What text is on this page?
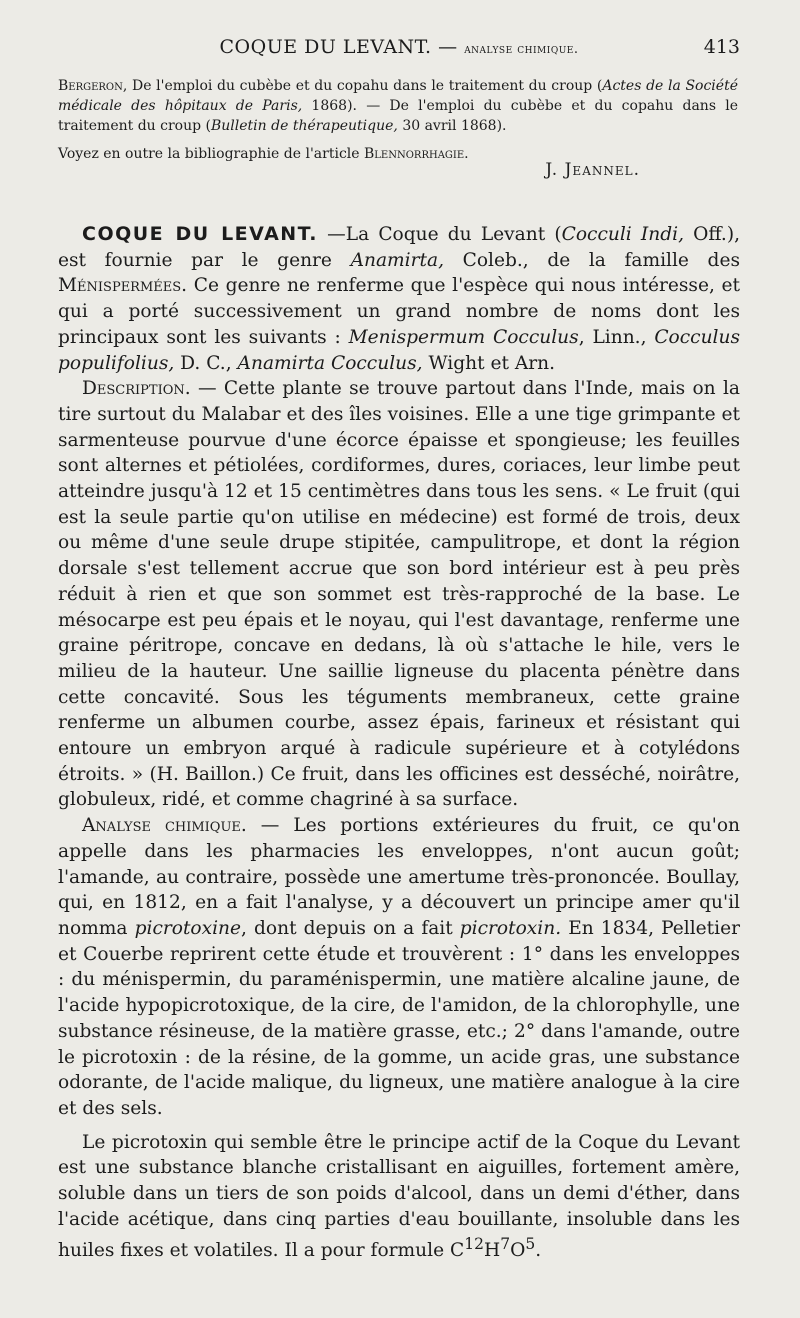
COQUE DU LEVANT. — analyse chimique.	413
Bergeron, De l'emploi du cubèbe et du copahu dans le traitement du croup (Actes de la Société médicale des hôpitaux de Paris, 1868). — De l'emploi du cubèbe et du copahu dans le traitement du croup (Bulletin de thérapeutique, 30 avril 1868).
Voyez en outre la bibliographie de l'article Blennorrhagie.
J. Jeannel.

COQUE DU LEVANT. —La Coque du Levant (Cocculi Indi, Off.), est fournie par le genre Anamirta, Coleb., de la famille des Ménispermées. Ce genre ne renferme que l'espèce qui nous intéresse, et qui a porté successivement un grand nombre de noms dont les principaux sont les suivants : Menispermum Cocculus, Linn., Cocculus populifolius, D. C., Anamirta Cocculus, Wight et Arn.

Description. — Cette plante se trouve partout dans l'Inde, mais on la tire surtout du Malabar et des îles voisines. Elle a une tige grimpante et sarmenteuse pourvue d'une écorce épaisse et spongieuse; les feuilles sont alternes et pétiolées, cordiformes, dures, coriaces, leur limbe peut atteindre jusqu'à 12 et 15 centimètres dans tous les sens. « Le fruit (qui est la seule partie qu'on utilise en médecine) est formé de trois, deux ou même d'une seule drupe stipitée, campulitrope, et dont la région dorsale s'est tellement accrue que son bord intérieur est à peu près réduit à rien et que son sommet est très-rapproché de la base. Le mésocarpe est peu épais et le noyau, qui l'est davantage, renferme une graine péritrope, concave en dedans, là où s'attache le hile, vers le milieu de la hauteur. Une saillie ligneuse du placenta pénètre dans cette concavité. Sous les téguments membraneux, cette graine renferme un albumen courbe, assez épais, farineux et résistant qui entoure un embryon arqué à radicule supérieure et à cotylédons étroits. » (H. Baillon.) Ce fruit, dans les officines est desséché, noirâtre, globuleux, ridé, et comme chagriné à sa surface.

Analyse chimique. — Les portions extérieures du fruit, ce qu'on appelle dans les pharmacies les enveloppes, n'ont aucun goût; l'amande, au contraire, possède une amertume très-prononcée. Boullay, qui, en 1812, en a fait l'analyse, y a découvert un principe amer qu'il nomma picrotoxine, dont depuis on a fait picrotoxin. En 1834, Pelletier et Couerbe reprirent cette étude et trouvèrent : 1° dans les enveloppes : du ménispermin, du paraménispermin, une matière alcaline jaune, de l'acide hypopicrotoxique, de la cire, de l'amidon, de la chlorophylle, une substance résineuse, de la matière grasse, etc.; 2° dans l'amande, outre le picrotoxin : de la résine, de la gomme, un acide gras, une substance odorante, de l'acide malique, du ligneux, une matière analogue à la cire et des sels.

Le picrotoxin qui semble être le principe actif de la Coque du Levant est une substance blanche cristallisant en aiguilles, fortement amère, soluble dans un tiers de son poids d'alcool, dans un demi d'éther, dans l'acide acétique, dans cinq parties d'eau bouillante, insoluble dans les huiles fixes et volatiles. Il a pour formule $C^{12}H^7O^5$.
